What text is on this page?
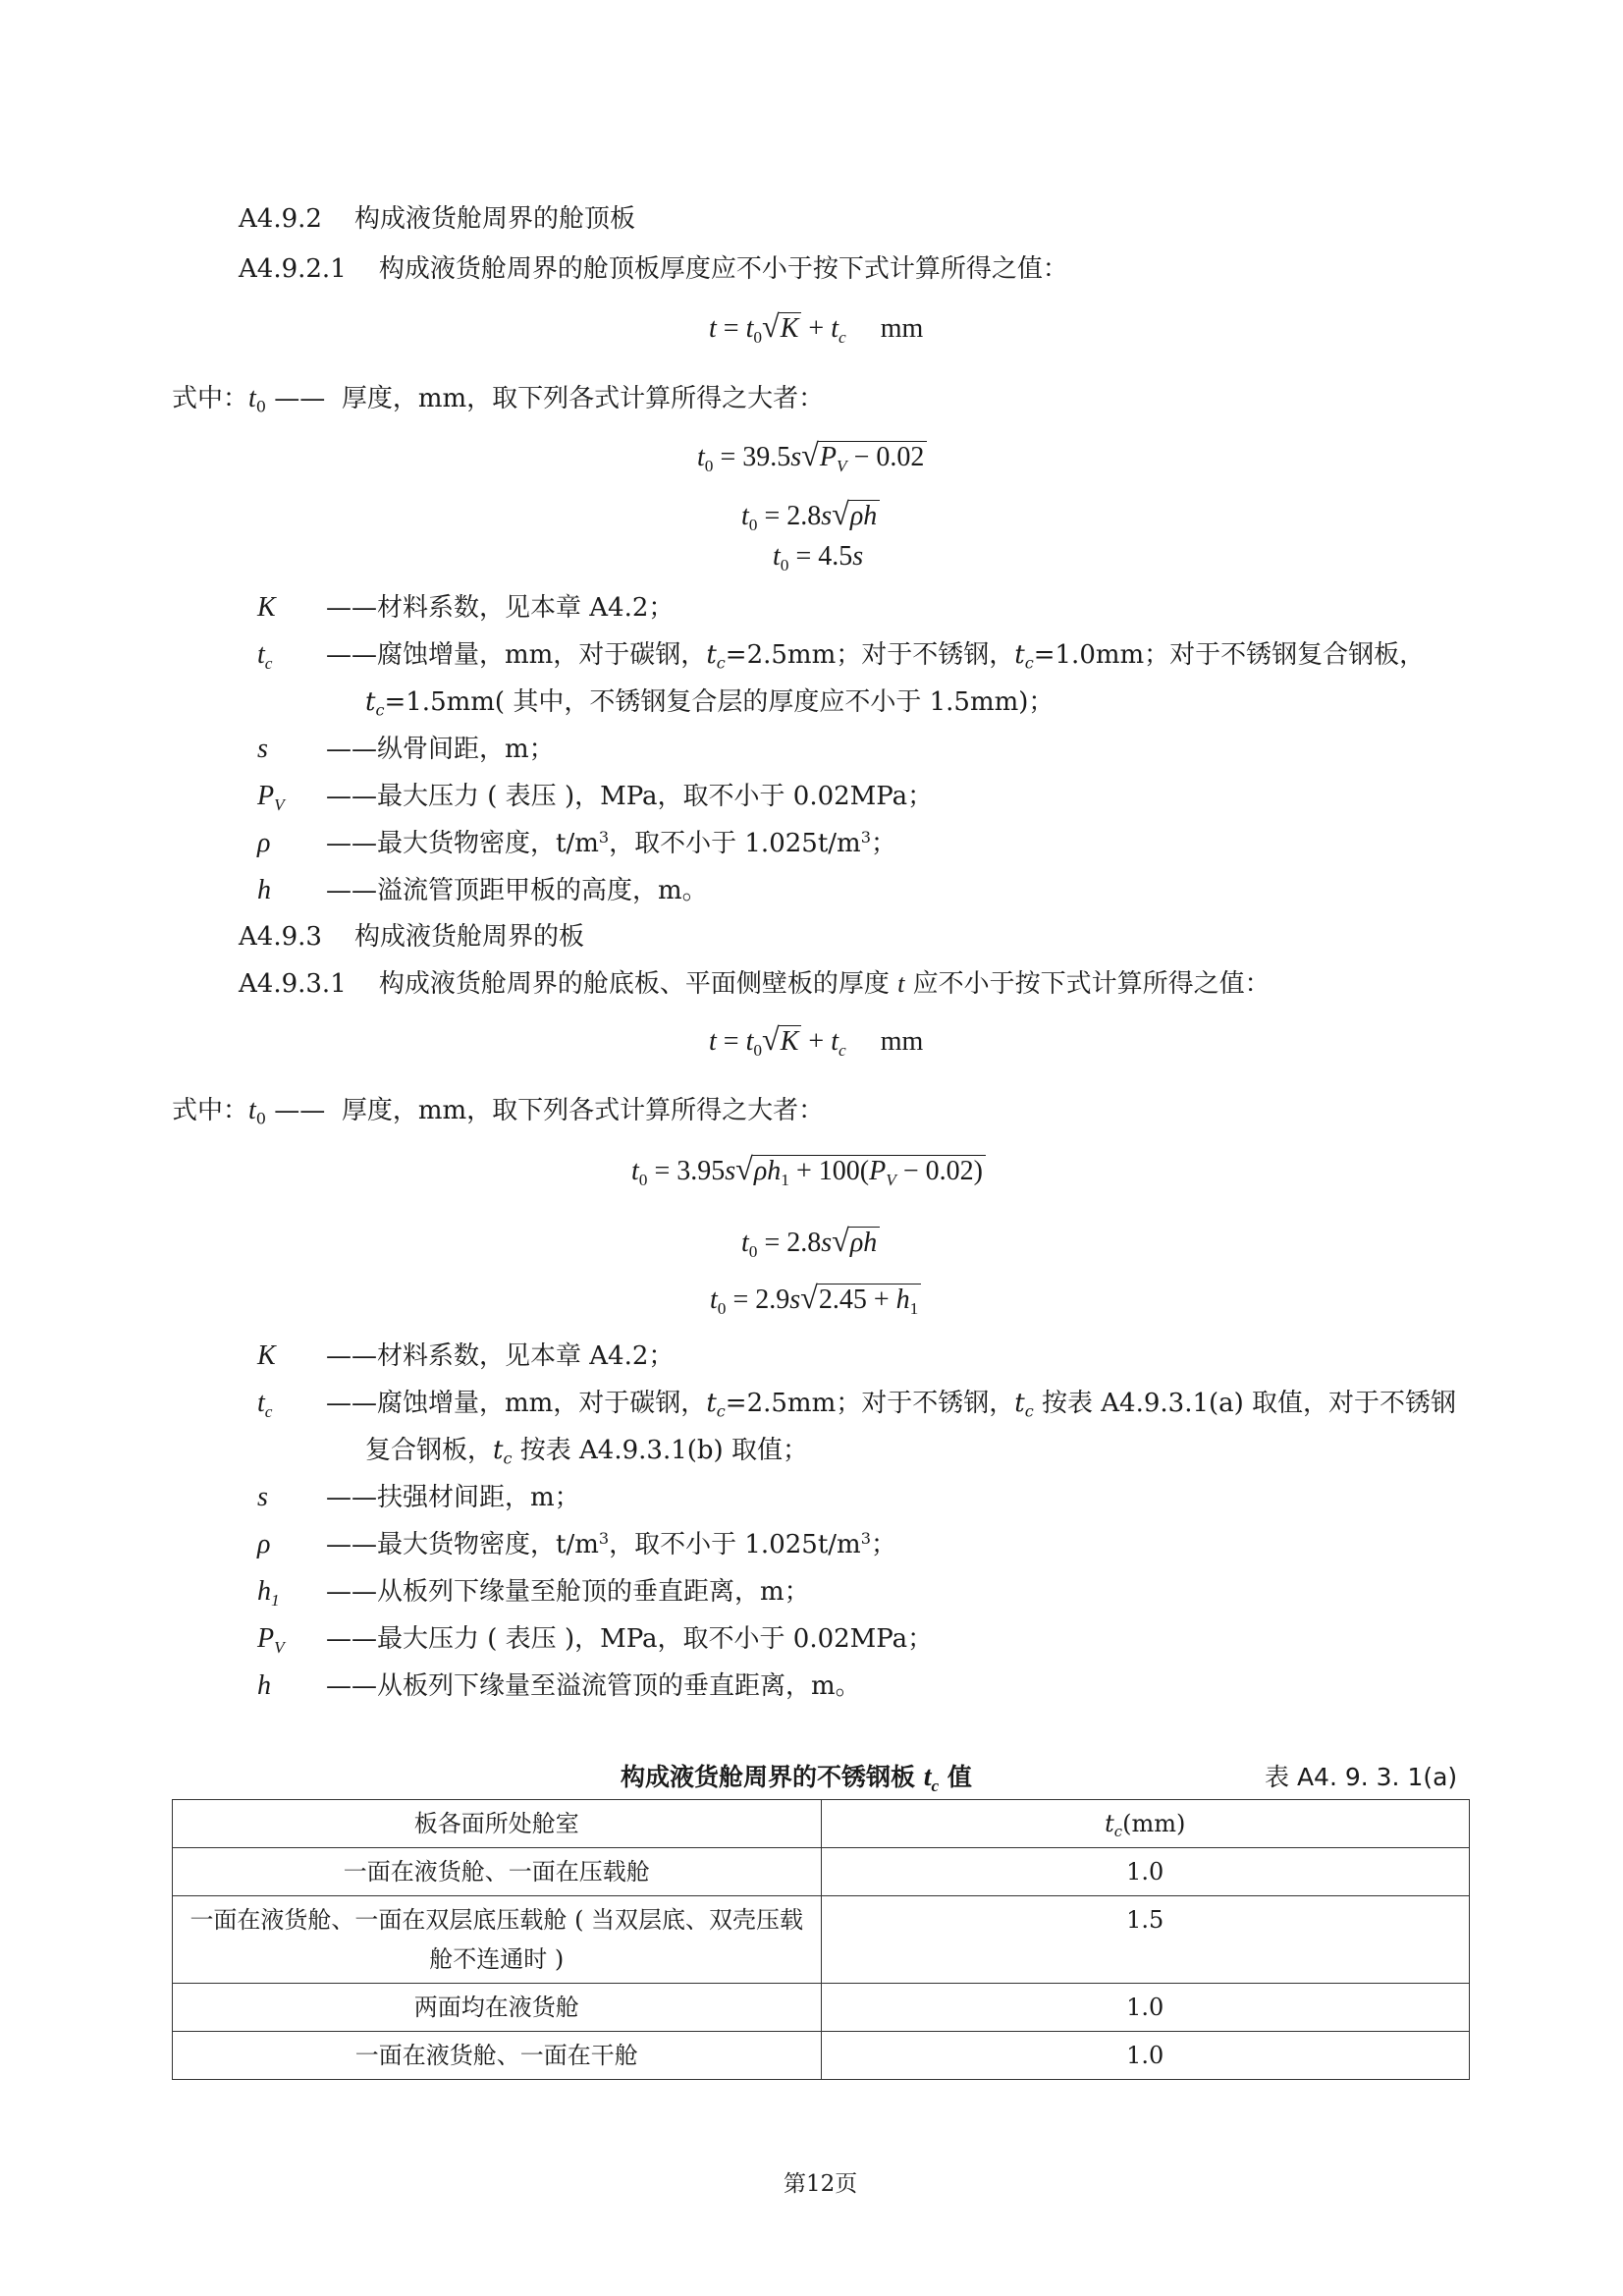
A4.9.2 构成液货舱周界的舱顶板
A4.9.2.1 构成液货舱周界的舱顶板厚度应不小于按下式计算所得之值：
$t = t_0√K + t_c$ mm
式中：$t_0$ ——  厚度，mm，取下列各式计算所得之大者：
$t_0 = 39.5s√P_V - 0.02$
$t_0 = 2.8s√\rho h$
$t_0 = 4.5s$
K ——材料系数，见本章 A4.2；
$t_c$ ——腐蚀增量，mm，对于碳钢，$t_c=2.5mm$；对于不锈钢，$t_c=1.0mm$；对于不锈钢复合钢板，
$t_c=1.5mm$( 其中，不锈钢复合层的厚度应不小于 1.5mm)；
s ——纵骨间距，m；
$P_V$ ——最大压力 ( 表压 )，MPa，取不小于 0.02MPa；
ρ ——最大货物密度，$t/m^3$，取不小于 $1.025t/m^3$；
h ——溢流管顶距甲板的高度，m。
A4.9.3 构成液货舱周界的板
A4.9.3.1 构成液货舱周界的舱底板、平面侧壁板的厚度 t 应不小于按下式计算所得之值：
$t = t_0√K + t_c$ mm
式中：$t_0$ ——  厚度，mm，取下列各式计算所得之大者：
$t_0 = 3.95s√\rho h_1 + 100(P_V - 0.02)$
$t_0 = 2.8s√\rho h$
$t_0 = 2.9s√2.45 + h_1$
K ——材料系数，见本章 A4.2；
$t_c$ ——腐蚀增量，mm，对于碳钢，$t_c=2.5mm$；对于不锈钢，$t_c$ 按表 A4.9.3.1(a) 取值，对于不锈钢
复合钢板，$t_c$ 按表 A4.9.3.1(b) 取值；
s ——扶强材间距，m；
ρ ——最大货物密度，$t/m^3$，取不小于 $1.025t/m^3$；
$h_1$ ——从板列下缘量至舱顶的垂直距离，m；
$P_V$ ——最大压力 ( 表压 )，MPa，取不小于 0.02MPa；
h ——从板列下缘量至溢流管顶的垂直距离，m。
构成液货舱周界的不锈钢板 $t_c$ 值	表 A4. 9. 3. 1(a)
板各面所处舱室	$t_c(mm)$
一面在液货舱、一面在压载舱	1.0
一面在液货舱、一面在双层底压载舱 ( 当双层底、双壳压载舱不连通时 )	1.5
两面均在液货舱	1.0
一面在液货舱、一面在干舱	1.0
第12页
